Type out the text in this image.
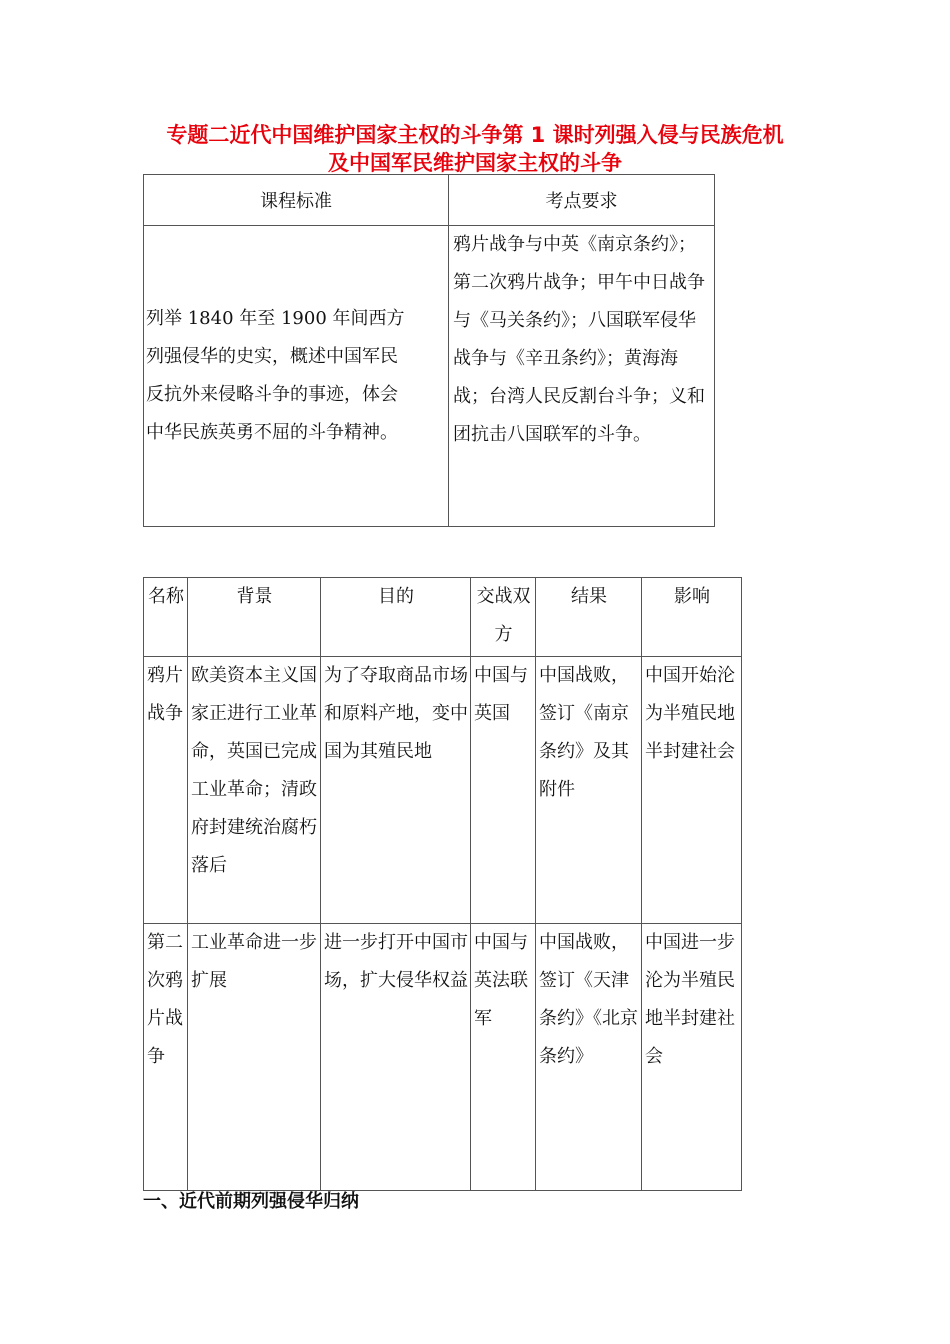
专题二近代中国维护国家主权的斗争第 1 课时列强入侵与民族危机
及中国军民维护国家主权的斗争
课程标准	考点要求

列举 1840 年至 1900 年间西方列强侵华的史实，概述中国军民反抗外来侵略斗争的事迹，体会中华民族英勇不屈的斗争精神。	鸦片战争与中英《南京条约》；第二次鸦片战争；甲午中日战争与《马关条约》；八国联军侵华战争与《辛丑条约》；黄海海战；台湾人民反割台斗争；义和团抗击八国联军的斗争。
名称	背景	目的	交战双方	结果	影响
鸦片战争	欧美资本主义国家正进行工业革命，英国已完成工业革命；清政府封建统治腐朽落后	为了夺取商品市场和原料产地，变中国为其殖民地	中国与英国	中国战败，签订《南京条约》及其附件	中国开始沦为半殖民地半封建社会
第二次鸦片战争	工业革命进一步扩展	进一步打开中国市场，扩大侵华权益	中国与英法联军	中国战败，签订《天津条约》《北京条约》	中国进一步沦为半殖民地半封建社会
一、近代前期列强侵华归纳
